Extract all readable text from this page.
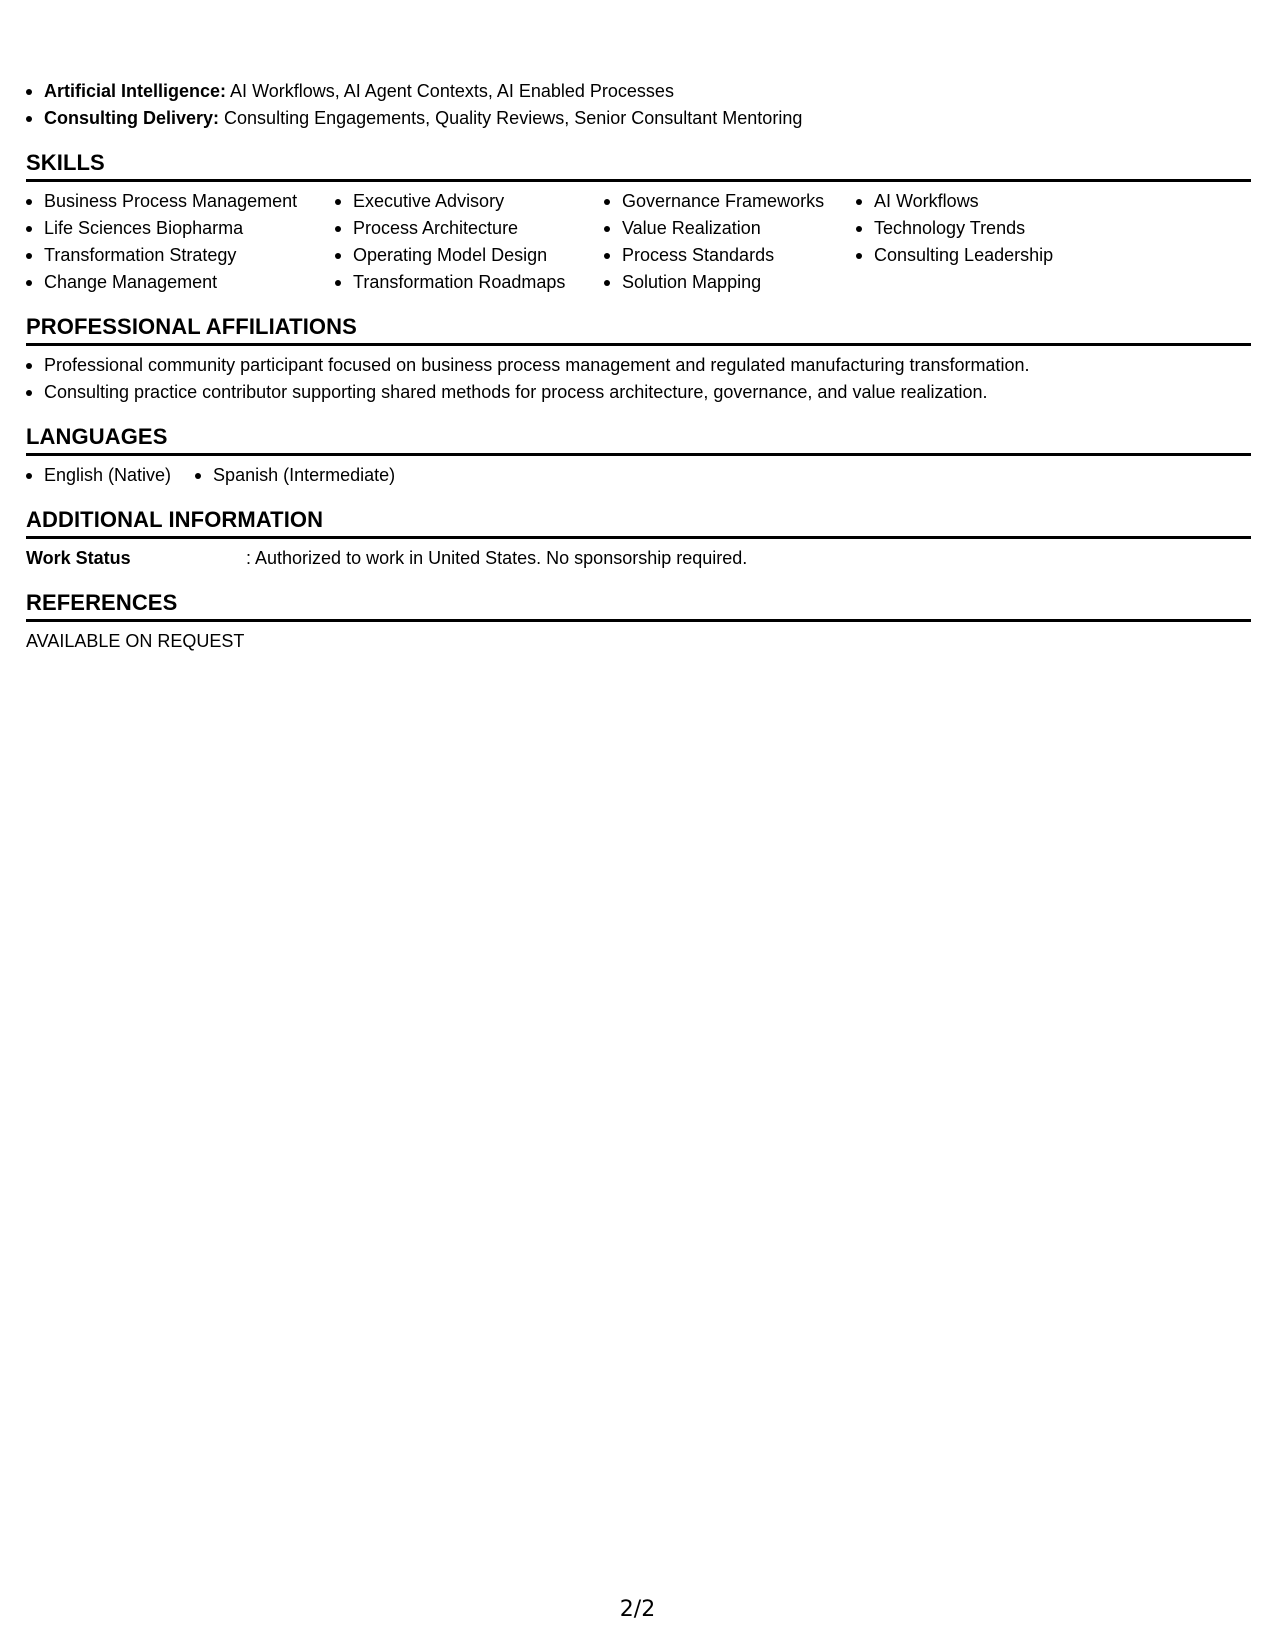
Artificial Intelligence: AI Workflows, AI Agent Contexts, AI Enabled Processes
Consulting Delivery: Consulting Engagements, Quality Reviews, Senior Consultant Mentoring
SKILLS
Business Process Management
Life Sciences Biopharma
Transformation Strategy
Change Management
Executive Advisory
Process Architecture
Operating Model Design
Transformation Roadmaps
Governance Frameworks
Value Realization
Process Standards
Solution Mapping
AI Workflows
Technology Trends
Consulting Leadership
PROFESSIONAL AFFILIATIONS
Professional community participant focused on business process management and regulated manufacturing transformation.
Consulting practice contributor supporting shared methods for process architecture, governance, and value realization.
LANGUAGES
English (Native)	Spanish (Intermediate)
ADDITIONAL INFORMATION
Work Status	: Authorized to work in United States. No sponsorship required.
REFERENCES
AVAILABLE ON REQUEST
2/2
